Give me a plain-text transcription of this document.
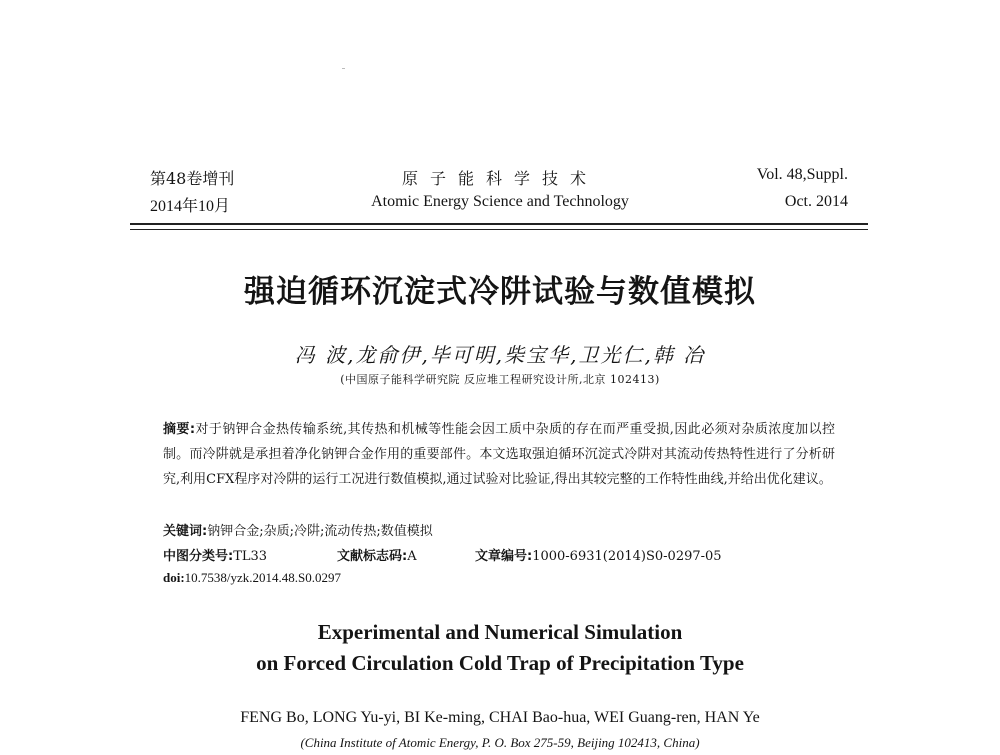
第48卷增刊
2014年10月
原子能科学技术
Atomic Energy Science and Technology
Vol. 48,Suppl.
Oct. 2014
强迫循环沉淀式冷阱试验与数值模拟
冯 波,龙俞伊,毕可明,柴宝华,卫光仁,韩 冶
(中国原子能科学研究院 反应堆工程研究设计所,北京 102413)
摘要:对于钠钾合金热传输系统,其传热和机械等性能会因工质中杂质的存在而严重受损,因此必须对杂质浓度加以控制。而冷阱就是承担着净化钠钾合金作用的重要部件。本文选取强迫循环沉淀式冷阱对其流动传热特性进行了分析研究,利用CFX程序对冷阱的运行工况进行数值模拟,通过试验对比验证,得出其较完整的工作特性曲线,并给出优化建议。
关键词:钠钾合金;杂质;冷阱;流动传热;数值模拟
中图分类号:TL33	文献标志码:A	文章编号:1000-6931(2014)S0-0297-05
doi:10.7538/yzk.2014.48.S0.0297
Experimental and Numerical Simulation
on Forced Circulation Cold Trap of Precipitation Type
FENG Bo, LONG Yu-yi, BI Ke-ming, CHAI Bao-hua, WEI Guang-ren, HAN Ye
(China Institute of Atomic Energy, P. O. Box 275-59, Beijing 102413, China)
